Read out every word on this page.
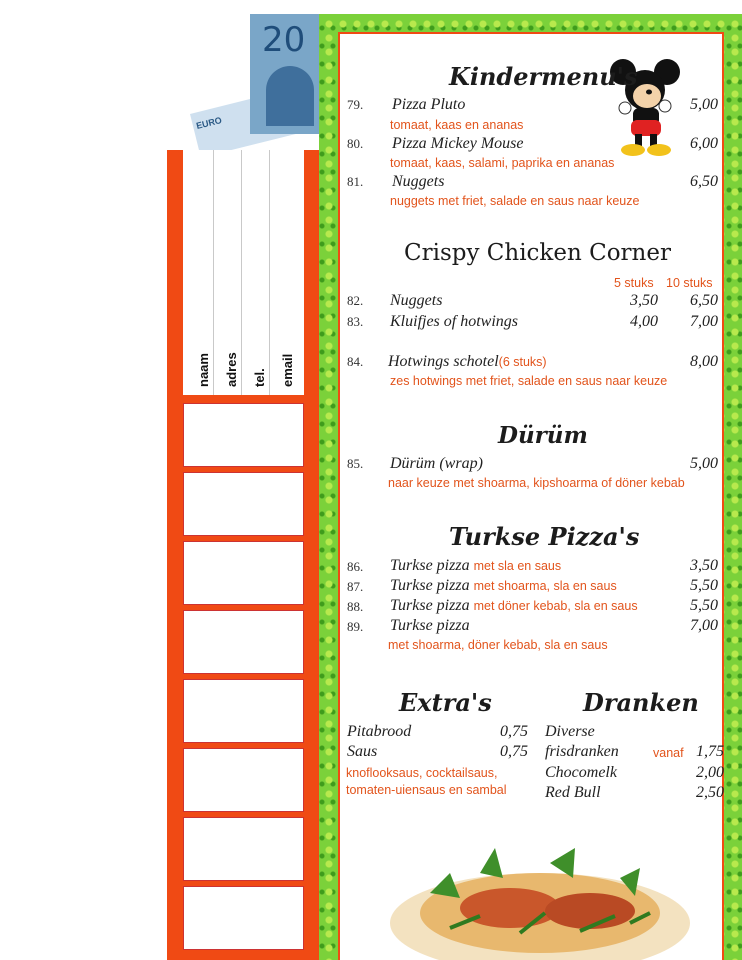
20
EURO
naam adres tel. email
Kindermenu's
79. Pizza Pluto	5,00
tomaat, kaas en ananas
80. Pizza Mickey Mouse	6,00
tomaat, kaas, salami, paprika en ananas
81. Nuggets	6,50
nuggets met friet, salade en saus naar keuze
Crispy Chicken Corner
5 stuks 10 stuks
82. Nuggets	3,50	6,50
83. Kluifjes of hotwings	4,00	7,00
84. Hotwings schotel(6 stuks)	8,00
zes hotwings met friet, salade en saus naar keuze
Dürüm
85. Dürüm (wrap)	5,00
naar keuze met shoarma, kipshoarma of döner kebab
Turkse Pizza's
86. Turkse pizza met sla en saus	3,50
87. Turkse pizza met shoarma, sla en saus	5,50
88. Turkse pizza met döner kebab, sla en saus	5,50
89. Turkse pizza	7,00
met shoarma, döner kebab, sla en saus
Extra's
Pitabrood	0,75
Saus	0,75
knoflooksaus, cocktailsaus,
tomaten-uiensaus en sambal
Dranken
Diverse
frisdranken	vanaf 1,75
Chocomelk	2,00
Red Bull	2,50
